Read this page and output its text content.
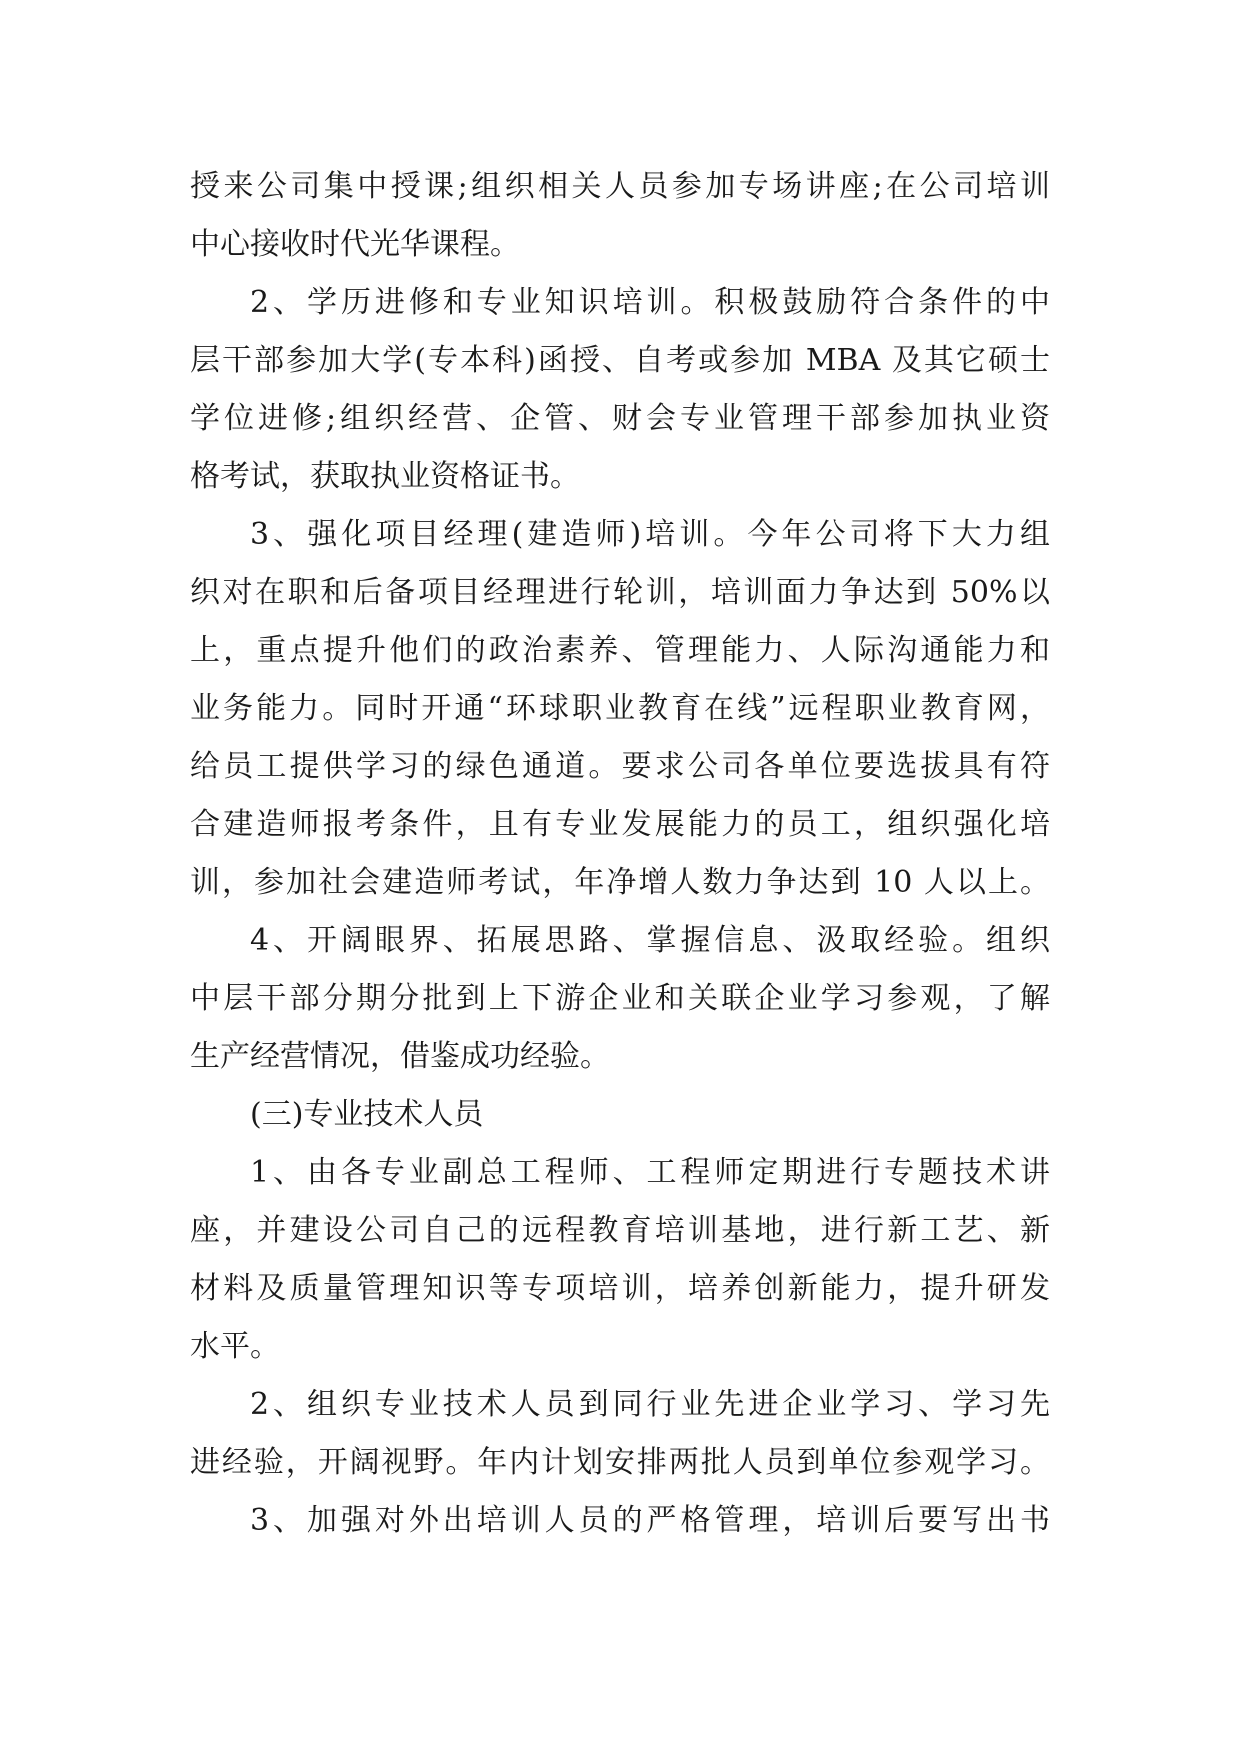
授来公司集中授课;组织相关人员参加专场讲座;在公司培训
中心接收时代光华课程。
2、学历进修和专业知识培训。积极鼓励符合条件的中
层干部参加大学(专本科)函授、自考或参加 MBA 及其它硕士
学位进修;组织经营、企管、财会专业管理干部参加执业资
格考试，获取执业资格证书。
3、强化项目经理(建造师)培训。今年公司将下大力组
织对在职和后备项目经理进行轮训，培训面力争达到 50%以
上，重点提升他们的政治素养、管理能力、人际沟通能力和
业务能力。同时开通“环球职业教育在线”远程职业教育网，
给员工提供学习的绿色通道。要求公司各单位要选拔具有符
合建造师报考条件，且有专业发展能力的员工，组织强化培
训，参加社会建造师考试，年净增人数力争达到 10 人以上。
4、开阔眼界、拓展思路、掌握信息、汲取经验。组织
中层干部分期分批到上下游企业和关联企业学习参观，了解
生产经营情况，借鉴成功经验。
(三)专业技术人员
1、由各专业副总工程师、工程师定期进行专题技术讲
座，并建设公司自己的远程教育培训基地，进行新工艺、新
材料及质量管理知识等专项培训，培养创新能力，提升研发
水平。
2、组织专业技术人员到同行业先进企业学习、学习先
进经验，开阔视野。年内计划安排两批人员到单位参观学习。
3、加强对外出培训人员的严格管理，培训后要写出书
